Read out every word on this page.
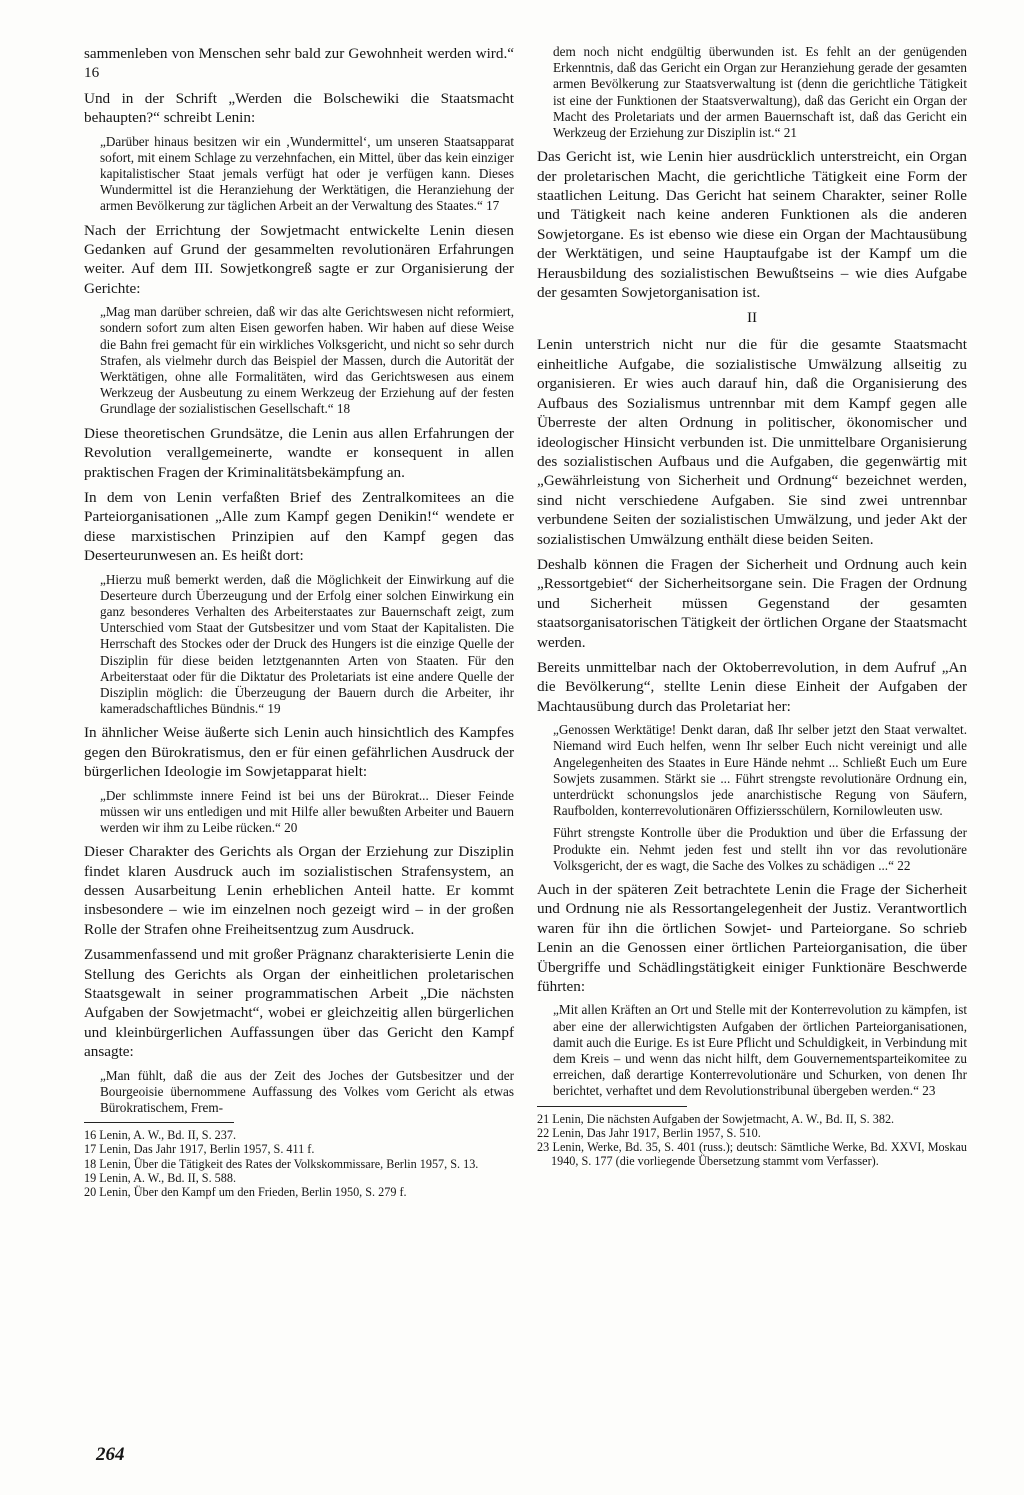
sammenleben von Menschen sehr bald zur Gewohnheit werden wird.“ 16

Und in der Schrift „Werden die Bolschewiki die Staatsmacht behaupten?“ schreibt Lenin:

„Darüber hinaus besitzen wir ein ‚Wundermittel‘, um unseren Staatsapparat sofort, mit einem Schlage zu verzehnfachen, ein Mittel, über das kein einziger kapitalistischer Staat jemals verfügt hat oder je verfügen kann. Dieses Wundermittel ist die Heranziehung der Werktätigen, die Heranziehung der armen Bevölkerung zur täglichen Arbeit an der Verwaltung des Staates.“ 17

Nach der Errichtung der Sowjetmacht entwickelte Lenin diesen Gedanken auf Grund der gesammelten revolutionären Erfahrungen weiter. Auf dem III. Sowjetkongreß sagte er zur Organisierung der Gerichte:

„Mag man darüber schreien, daß wir das alte Gerichtswesen nicht reformiert, sondern sofort zum alten Eisen geworfen haben. Wir haben auf diese Weise die Bahn frei gemacht für ein wirkliches Volksgericht, und nicht so sehr durch Strafen, als vielmehr durch das Beispiel der Massen, durch die Autorität der Werktätigen, ohne alle Formalitäten, wird das Gerichtswesen aus einem Werkzeug der Ausbeutung zu einem Werkzeug der Erziehung auf der festen Grundlage der sozialistischen Gesellschaft.“ 18

Diese theoretischen Grundsätze, die Lenin aus allen Erfahrungen der Revolution verallgemeinerte, wandte er konsequent in allen praktischen Fragen der Kriminalitätsbekämpfung an.

In dem von Lenin verfaßten Brief des Zentralkomitees an die Parteiorganisationen „Alle zum Kampf gegen Denikin!“ wendete er diese marxistischen Prinzipien auf den Kampf gegen das Deserteurunwesen an. Es heißt dort:

„Hierzu muß bemerkt werden, daß die Möglichkeit der Einwirkung auf die Deserteure durch Überzeugung und der Erfolg einer solchen Einwirkung ein ganz besonderes Verhalten des Arbeiterstaates zur Bauernschaft zeigt, zum Unterschied vom Staat der Gutsbesitzer und vom Staat der Kapitalisten. Die Herrschaft des Stockes oder der Druck des Hungers ist die einzige Quelle der Disziplin für diese beiden letztgenannten Arten von Staaten. Für den Arbeiterstaat oder für die Diktatur des Proletariats ist eine andere Quelle der Disziplin möglich: die Überzeugung der Bauern durch die Arbeiter, ihr kameradschaftliches Bündnis.“ 19

In ähnlicher Weise äußerte sich Lenin auch hinsichtlich des Kampfes gegen den Bürokratismus, den er für einen gefährlichen Ausdruck der bürgerlichen Ideologie im Sowjetapparat hielt:

„Der schlimmste innere Feind ist bei uns der Bürokrat... Dieser Feinde müssen wir uns entledigen und mit Hilfe aller bewußten Arbeiter und Bauern werden wir ihm zu Leibe rücken.“ 20

Dieser Charakter des Gerichts als Organ der Erziehung zur Disziplin findet klaren Ausdruck auch im sozialistischen Strafensystem, an dessen Ausarbeitung Lenin erheblichen Anteil hatte. Er kommt insbesondere – wie im einzelnen noch gezeigt wird – in der großen Rolle der Strafen ohne Freiheitsentzug zum Ausdruck.

Zusammenfassend und mit großer Prägnanz charakterisierte Lenin die Stellung des Gerichts als Organ der einheitlichen proletarischen Staatsgewalt in seiner programmatischen Arbeit „Die nächsten Aufgaben der Sowjetmacht“, wobei er gleichzeitig allen bürgerlichen und kleinbürgerlichen Auffassungen über das Gericht den Kampf ansagte:

„Man fühlt, daß die aus der Zeit des Joches der Gutsbesitzer und der Bourgeoisie übernommene Auffassung des Volkes vom Gericht als etwas Bürokratischem, Frem-

16 Lenin, A. W., Bd. II, S. 237.

17 Lenin, Das Jahr 1917, Berlin 1957, S. 411 f.

18 Lenin, Über die Tätigkeit des Rates der Volkskommissare, Berlin 1957, S. 13.

19 Lenin, A. W., Bd. II, S. 588.

20 Lenin, Über den Kampf um den Frieden, Berlin 1950, S. 279 f.

dem noch nicht endgültig überwunden ist. Es fehlt an der genügenden Erkenntnis, daß das Gericht ein Organ zur Heranziehung gerade der gesamten armen Bevölkerung zur Staatsverwaltung ist (denn die gerichtliche Tätigkeit ist eine der Funktionen der Staatsverwaltung), daß das Gericht ein Organ der Macht des Proletariats und der armen Bauernschaft ist, daß das Gericht ein Werkzeug der Erziehung zur Disziplin ist.“ 21

Das Gericht ist, wie Lenin hier ausdrücklich unterstreicht, ein Organ der proletarischen Macht, die gerichtliche Tätigkeit eine Form der staatlichen Leitung. Das Gericht hat seinem Charakter, seiner Rolle und Tätigkeit nach keine anderen Funktionen als die anderen Sowjetorgane. Es ist ebenso wie diese ein Organ der Machtausübung der Werktätigen, und seine Hauptaufgabe ist der Kampf um die Herausbildung des sozialistischen Bewußtseins – wie dies Aufgabe der gesamten Sowjetorganisation ist.

II

Lenin unterstrich nicht nur die für die gesamte Staatsmacht einheitliche Aufgabe, die sozialistische Umwälzung allseitig zu organisieren. Er wies auch darauf hin, daß die Organisierung des Aufbaus des Sozialismus untrennbar mit dem Kampf gegen alle Überreste der alten Ordnung in politischer, ökonomischer und ideologischer Hinsicht verbunden ist. Die unmittelbare Organisierung des sozialistischen Aufbaus und die Aufgaben, die gegenwärtig mit „Gewährleistung von Sicherheit und Ordnung“ bezeichnet werden, sind nicht verschiedene Aufgaben. Sie sind zwei untrennbar verbundene Seiten der sozialistischen Umwälzung, und jeder Akt der sozialistischen Umwälzung enthält diese beiden Seiten.

Deshalb können die Fragen der Sicherheit und Ordnung auch kein „Ressortgebiet“ der Sicherheitsorgane sein. Die Fragen der Ordnung und Sicherheit müssen Gegenstand der gesamten staatsorganisatorischen Tätigkeit der örtlichen Organe der Staatsmacht werden.

Bereits unmittelbar nach der Oktoberrevolution, in dem Aufruf „An die Bevölkerung“, stellte Lenin diese Einheit der Aufgaben der Machtausübung durch das Proletariat her:

„Genossen Werktätige! Denkt daran, daß Ihr selber jetzt den Staat verwaltet. Niemand wird Euch helfen, wenn Ihr selber Euch nicht vereinigt und alle Angelegenheiten des Staates in Eure Hände nehmt ... Schließt Euch um Eure Sowjets zusammen. Stärkt sie ... Führt strengste revolutionäre Ordnung ein, unterdrückt schonungslos jede anarchistische Regung von Säufern, Raufbolden, konterrevolutionären Offiziersschülern, Kornilowleuten usw.

Führt strengste Kontrolle über die Produktion und über die Erfassung der Produkte ein. Nehmt jeden fest und stellt ihn vor das revolutionäre Volksgericht, der es wagt, die Sache des Volkes zu schädigen ...“ 22

Auch in der späteren Zeit betrachtete Lenin die Frage der Sicherheit und Ordnung nie als Ressortangelegenheit der Justiz. Verantwortlich waren für ihn die örtlichen Sowjet- und Parteiorgane. So schrieb Lenin an die Genossen einer örtlichen Parteiorganisation, die über Übergriffe und Schädlingstätigkeit einiger Funktionäre Beschwerde führten:

„Mit allen Kräften an Ort und Stelle mit der Konterrevolution zu kämpfen, ist aber eine der allerwichtigsten Aufgaben der örtlichen Parteiorganisationen, damit auch die Eurige. Es ist Eure Pflicht und Schuldigkeit, in Verbindung mit dem Kreis – und wenn das nicht hilft, dem Gouvernementsparteikomitee zu erreichen, daß derartige Konterrevolutionäre und Schurken, von denen Ihr berichtet, verhaftet und dem Revolutionstribunal übergeben werden.“ 23

21 Lenin, Die nächsten Aufgaben der Sowjetmacht, A. W., Bd. II, S. 382.

22 Lenin, Das Jahr 1917, Berlin 1957, S. 510.

23 Lenin, Werke, Bd. 35, S. 401 (russ.); deutsch: Sämtliche Werke, Bd. XXVI, Moskau 1940, S. 177 (die vorliegende Übersetzung stammt vom Verfasser).

264
